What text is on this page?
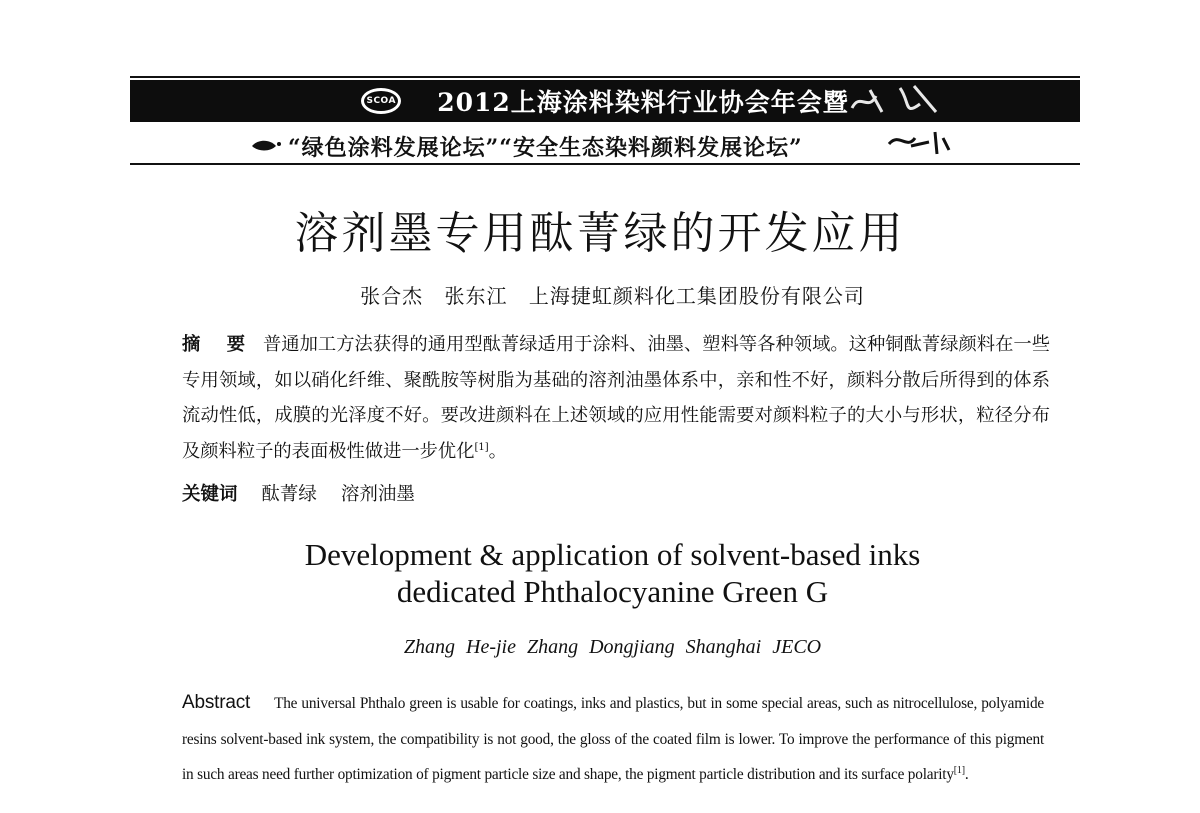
SCOA 2012上海涂料染料行业协会年会暨
“绿色涂料发展论坛”“安全生态染料颜料发展论坛”
溶剂墨专用酞菁绿的开发应用
张合杰 张东江 上海捷虹颜料化工集团股份有限公司

摘 要 普通加工方法获得的通用型酞菁绿适用于涂料、油墨、塑料等各种领域。这种铜酞菁绿颜料在一些专用领域，如以硝化纤维、聚酰胺等树脂为基础的溶剂油墨体系中，亲和性不好，颜料分散后所得到的体系流动性低，成膜的光泽度不好。要改进颜料在上述领域的应用性能需要对颜料粒子的大小与形状，粒径分布及颜料粒子的表面极性做进一步优化[1]。

关键词 酞菁绿 溶剂油墨
Development & application of solvent-based inks
dedicated Phthalocyanine Green G
Zhang He-jie Zhang Dongjiang Shanghai JECO

Abstract The universal Phthalo green is usable for coatings, inks and plastics, but in some special areas, such as nitrocellulose, polyamide resins solvent-based ink system, the compatibility is not good, the gloss of the coated film is lower. To improve the performance of this pigment in such areas need further optimization of pigment particle size and shape, the pigment particle distribution and its surface polarity[1].
